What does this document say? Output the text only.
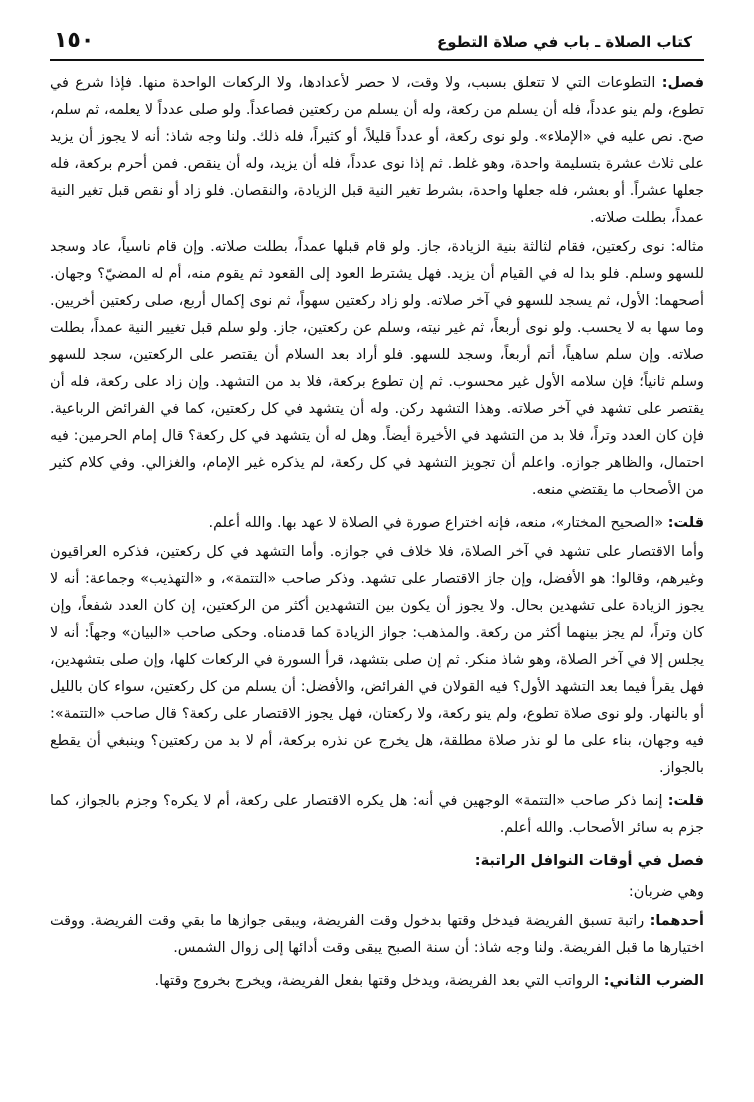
كتاب الصلاة ـ باب في صلاة التطوع
١٥٠

فصل: التطوعات التي لا تتعلق بسبب، ولا وقت، لا حصر لأعدادها، ولا الركعات الواحدة منها. فإذا شرع في تطوع، ولم ينو عدداً، فله أن يسلم من ركعة، وله أن يسلم من ركعتين فصاعداً. ولو صلى عدداً لا يعلمه، ثم سلم، صح. نص عليه في «الإملاء». ولو نوى ركعة، أو عدداً قليلاً، أو كثيراً، فله ذلك. ولنا وجه شاذ: أنه لا يجوز أن يزيد على ثلاث عشرة بتسليمة واحدة، وهو غلط. ثم إذا نوى عدداً، فله أن يزيد، وله أن ينقص. فمن أحرم بركعة، فله جعلها عشراً. أو بعشر، فله جعلها واحدة، بشرط تغير النية قبل الزيادة، والنقصان. فلو زاد أو نقص قبل تغير النية عمداً، بطلت صلاته.

مثاله: نوى ركعتين، فقام لثالثة بنية الزيادة، جاز. ولو قام قبلها عمداً، بطلت صلاته. وإن قام ناسياً، عاد وسجد للسهو وسلم. فلو بدا له في القيام أن يزيد. فهل يشترط العود إلى القعود ثم يقوم منه، أم له المضيّ؟ وجهان. أصحهما: الأول، ثم يسجد للسهو في آخر صلاته. ولو زاد ركعتين سهواً، ثم نوى إكمال أربع، صلى ركعتين أخريين. وما سها به لا يحسب. ولو نوى أربعاً، ثم غير نيته، وسلم عن ركعتين، جاز. ولو سلم قبل تغيير النية عمداً، بطلت صلاته. وإن سلم ساهياً، أتم أربعاً، وسجد للسهو. فلو أراد بعد السلام أن يقتصر على الركعتين، سجد للسهو وسلم ثانياً؛ فإن سلامه الأول غير محسوب. ثم إن تطوع بركعة، فلا بد من التشهد. وإن زاد على ركعة، فله أن يقتصر على تشهد في آخر صلاته. وهذا التشهد ركن. وله أن يتشهد في كل ركعتين، كما في الفرائض الرباعية. فإن كان العدد وتراً، فلا بد من التشهد في الأخيرة أيضاً. وهل له أن يتشهد في كل ركعة؟ قال إمام الحرمين: فيه احتمال، والظاهر جوازه. واعلم أن تجويز التشهد في كل ركعة، لم يذكره غير الإمام، والغزالي. وفي كلام كثير من الأصحاب ما يقتضي منعه.

قلت: «الصحيح المختار»، منعه، فإنه اختراع صورة في الصلاة لا عهد بها. والله أعلم.

وأما الاقتصار على تشهد في آخر الصلاة، فلا خلاف في جوازه. وأما التشهد في كل ركعتين، فذكره العراقيون وغيرهم، وقالوا: هو الأفضل، وإن جاز الاقتصار على تشهد. وذكر صاحب «التتمة»، و «التهذيب» وجماعة: أنه لا يجوز الزيادة على تشهدين بحال. ولا يجوز أن يكون بين التشهدين أكثر من الركعتين، إن كان العدد شفعاً، وإن كان وتراً، لم يجز بينهما أكثر من ركعة. والمذهب: جواز الزيادة كما قدمناه. وحكى صاحب «البيان» وجهاً: أنه لا يجلس إلا في آخر الصلاة، وهو شاذ منكر. ثم إن صلى بتشهد، قرأ السورة في الركعات كلها، وإن صلى بتشهدين، فهل يقرأ فيما بعد التشهد الأول؟ فيه القولان في الفرائض، والأفضل: أن يسلم من كل ركعتين، سواء كان بالليل أو بالنهار. ولو نوى صلاة تطوع، ولم ينو ركعة، ولا ركعتان، فهل يجوز الاقتصار على ركعة؟ قال صاحب «التتمة»: فيه وجهان، بناء على ما لو نذر صلاة مطلقة، هل يخرج عن نذره بركعة، أم لا بد من ركعتين؟ وينبغي أن يقطع بالجواز.

قلت: إنما ذكر صاحب «التتمة» الوجهين في أنه: هل يكره الاقتصار على ركعة، أم لا يكره؟ وجزم بالجواز، كما جزم به سائر الأصحاب. والله أعلم.

فصل في أوقات النوافل الراتبة:

وهي ضربان:

أحدهما: راتبة تسبق الفريضة فيدخل وقتها بدخول وقت الفريضة، ويبقى جوازها ما بقي وقت الفريضة. ووقت اختيارها ما قبل الفريضة. ولنا وجه شاذ: أن سنة الصبح يبقى وقت أدائها إلى زوال الشمس.

الضرب الثاني: الرواتب التي بعد الفريضة، ويدخل وقتها بفعل الفريضة، ويخرج بخروج وقتها.
